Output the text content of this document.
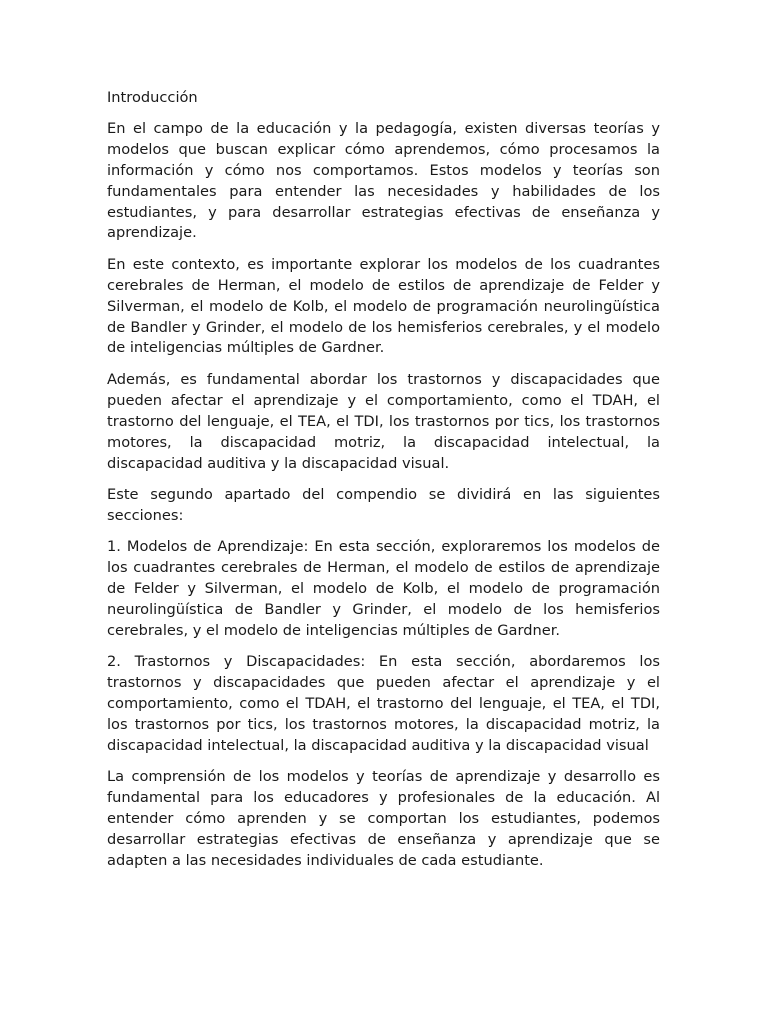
Introducción

En el campo de la educación y la pedagogía, existen diversas teorías y modelos que buscan explicar cómo aprendemos, cómo procesamos la información y cómo nos comportamos. Estos modelos y teorías son fundamentales para entender las necesidades y habilidades de los estudiantes, y para desarrollar estrategias efectivas de enseñanza y aprendizaje.

En este contexto, es importante explorar los modelos de los cuadrantes cerebrales de Herman, el modelo de estilos de aprendizaje de Felder y Silverman, el modelo de Kolb, el modelo de programación neurolingüística de Bandler y Grinder, el modelo de los hemisferios cerebrales, y el modelo de inteligencias múltiples de Gardner.

Además, es fundamental abordar los trastornos y discapacidades que pueden afectar el aprendizaje y el comportamiento, como el TDAH, el trastorno del lenguaje, el TEA, el TDI, los trastornos por tics, los trastornos motores, la discapacidad motriz, la discapacidad intelectual, la discapacidad auditiva y la discapacidad visual.

Este segundo apartado del compendio se dividirá en las siguientes secciones:

1. Modelos de Aprendizaje: En esta sección, exploraremos los modelos de los cuadrantes cerebrales de Herman, el modelo de estilos de aprendizaje de Felder y Silverman, el modelo de Kolb, el modelo de programación neurolingüística de Bandler y Grinder, el modelo de los hemisferios cerebrales, y el modelo de inteligencias múltiples de Gardner.

2. Trastornos y Discapacidades: En esta sección, abordaremos los trastornos y discapacidades que pueden afectar el aprendizaje y el comportamiento, como el TDAH, el trastorno del lenguaje, el TEA, el TDI, los trastornos por tics, los trastornos motores, la discapacidad motriz, la discapacidad intelectual, la discapacidad auditiva y la discapacidad visual

La comprensión de los modelos y teorías de aprendizaje y desarrollo es fundamental para los educadores y profesionales de la educación. Al entender cómo aprenden y se comportan los estudiantes, podemos desarrollar estrategias efectivas de enseñanza y aprendizaje que se adapten a las necesidades individuales de cada estudiante.
